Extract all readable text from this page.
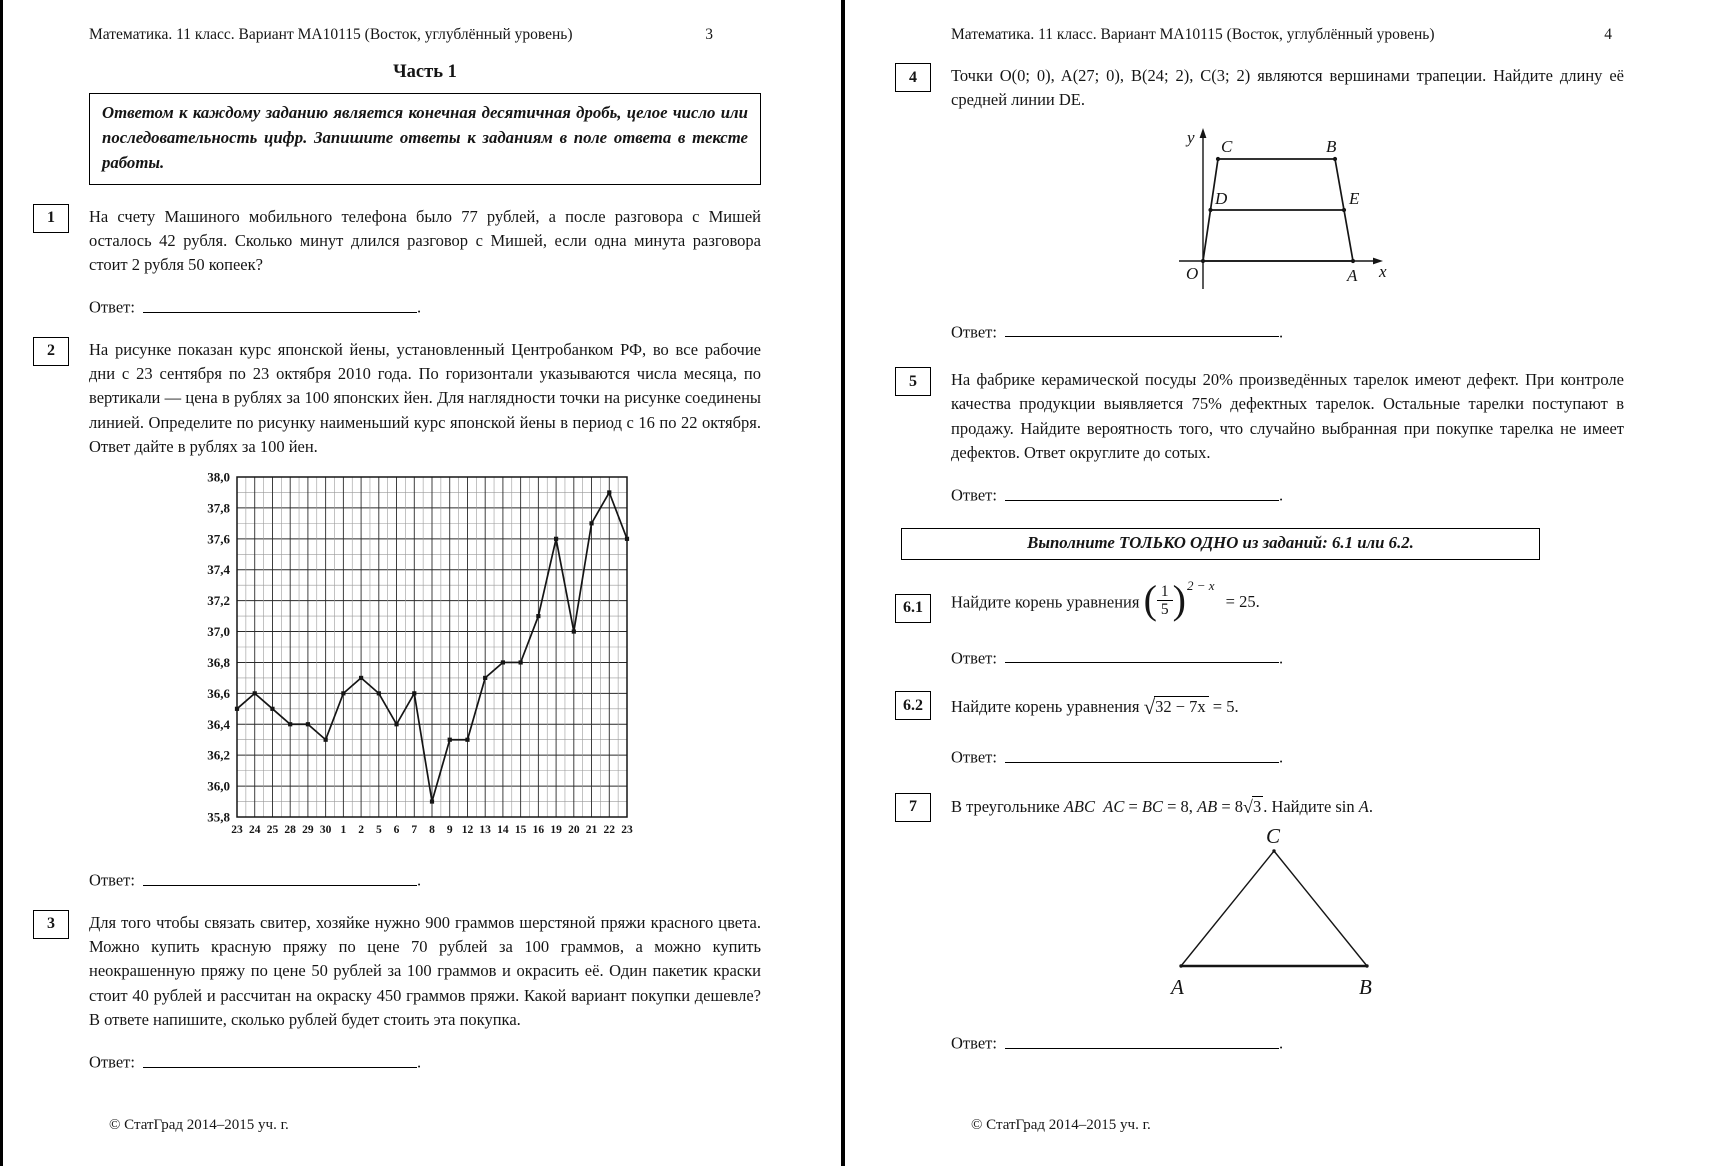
Математика. 11 класс. Вариант МА10115 (Восток, углублённый уровень)	3
Часть 1
Ответом к каждому заданию является конечная десятичная дробь, целое число или последовательность цифр. Запишите ответы к заданиям в поле ответа в тексте работы.
1	На счету Машиного мобильного телефона было 77 рублей, а после разговора с Мишей осталось 42 рубля. Сколько минут длился разговор с Мишей, если одна минута разговора стоит 2 рубля 50 копеек?
Ответ:	.
2	На рисунке показан курс японской йены, установленный Центробанком РФ, во все рабочие дни с 23 сентября по 23 октября 2010 года. По горизонтали указываются числа месяца, по вертикали — цена в рублях за 100 японских йен. Для наглядности точки на рисунке соединены линией. Определите по рисунку наименьший курс японской йены в период с 16 по 22 октября. Ответ дайте в рублях за 100 йен.
35,8
36,0
36,2
36,4
36,6
36,8
37,0
37,2
37,4
37,6
37,8
38,0
23 24 25 28 29 30 1 2 5 6 7 8 9 12 13 14 15 16 19 20 21 22 23
Ответ:	.
3	Для того чтобы связать свитер, хозяйке нужно 900 граммов шерстяной пряжи красного цвета. Можно купить красную пряжу по цене 70 рублей за 100 граммов, а можно купить неокрашенную пряжу по цене 50 рублей за 100 граммов и окрасить её. Один пакетик краски стоит 40 рублей и рассчитан на окраску 450 граммов пряжи. Какой вариант покупки дешевле? В ответе напишите, сколько рублей будет стоить эта покупка.
Ответ:	.
© СтатГрад 2014–2015 уч. г.
Математика. 11 класс. Вариант МА10115 (Восток, углублённый уровень)	4
4	Точки O(0; 0), A(27; 0), B(24; 2), C(3; 2) являются вершинами трапеции. Найдите длину её средней линии DE.
y C	B
D	E
O	A x
Ответ:	.
5	На фабрике керамической посуды 20% произведённых тарелок имеют дефект. При контроле качества продукции выявляется 75% дефектных тарелок. Остальные тарелки поступают в продажу. Найдите вероятность того, что случайно выбранная при покупке тарелка не имеет дефектов. Ответ округлите до сотых.
Ответ:	.
Выполните ТОЛЬКО ОДНО из заданий: 6.1 или 6.2.
6.1	Найдите корень уравнения ( $\frac{1}{5} )2 - x = 25$.
Ответ:	.
6.2	Найдите корень уравнения √32 − 7x = 5.
Ответ:	.
7	В треугольнике ABC AC = BC = 8, AB = 8√3 . Найдите sin A.
C
A	B
Ответ:	.
© СтатГрад 2014–2015 уч. г.
